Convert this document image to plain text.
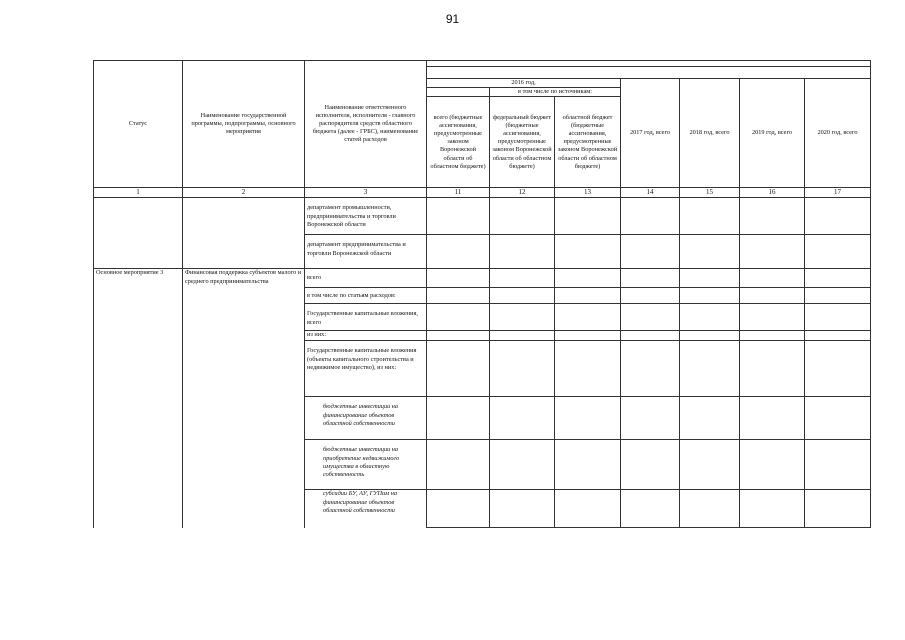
91
Статус	Наименование государственной программы, подпрограммы, основного мероприятия	Наименование ответственного исполнителя, исполнителя - главного распорядителя средств областного бюджета (далее - ГРБС), наименование статей расходов							

			2016 год,			2017 год, всего	2018 год, всего	2019 год, всего	2020 год, всего
				в том числе по источникам:					
			всего (бюджетные ассигнования, предусмотренные законом Воронежской области об областном бюджете)	федеральный бюджет (бюджетные ассигнования, предусмотренные законом Воронежской области об областном бюджете)	областной бюджет (бюджетные ассигнования, предусмотренные законом Воронежской области об областном бюджете)				
1	2	3	11	12	13	14	15	16	17
		департамент промышленности, предпринимательства и торговли Воронежской области							
		департамент предпринимательства и торговли Воронежской области							
Основное мероприятие 3	Финансовая поддержка субъектов малого и среднего предпринимательства	всего							
		в том числе по статьям расходов:							
		Государственные капитальные вложения, всего							
		из них:							
		Государственные капитальные вложения (объекты капитального строительства и недвижимое имущество), из них:							
		бюджетные инвестиции на финансирование объектов областной собственности							
		бюджетные инвестиции на приобретение недвижимого имущества в областную собственность							
		субсидии БУ, АУ, ГУПам на финансирование объектов областной собственности							
